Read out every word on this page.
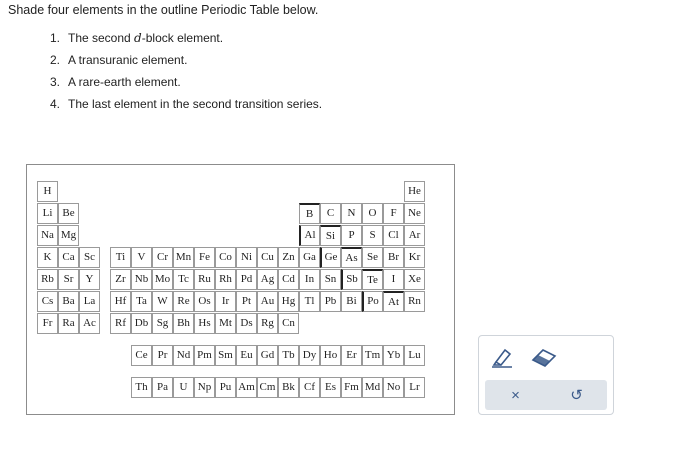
Shade four elements in the outline Periodic Table below.
1. The second d-block element.
2. A transuranic element.
3. A rare-earth element.
4. The last element in the second transition series.
H	He
Li Be	B	C	N	O	F	Ne
Na Mg	Al Si	P	S	Cl Ar
K Ca Sc	Ti	V	Cr Mn Fe Co Ni Cu Zn Ga Ge As Se Br Kr
Rb Sr	Y	Zr Nb Mo Tc Ru Rh Pd Ag Cd In Sn Sb Te	I	Xe
Cs Ba La	Hf Ta W Re Os	Ir	Pt Au Hg Tl Pb Bi Po At Rn
Fr Ra Ac	Rf Db Sg Bh Hs Mt Ds Rg Cn
Ce Pr Nd Pm Sm Eu Gd Tb Dy Ho Er Tm Yb Lu
Th Pa	U Np Pu Am Cm Bk Cf Es Fm Md No Lr	×	↺
